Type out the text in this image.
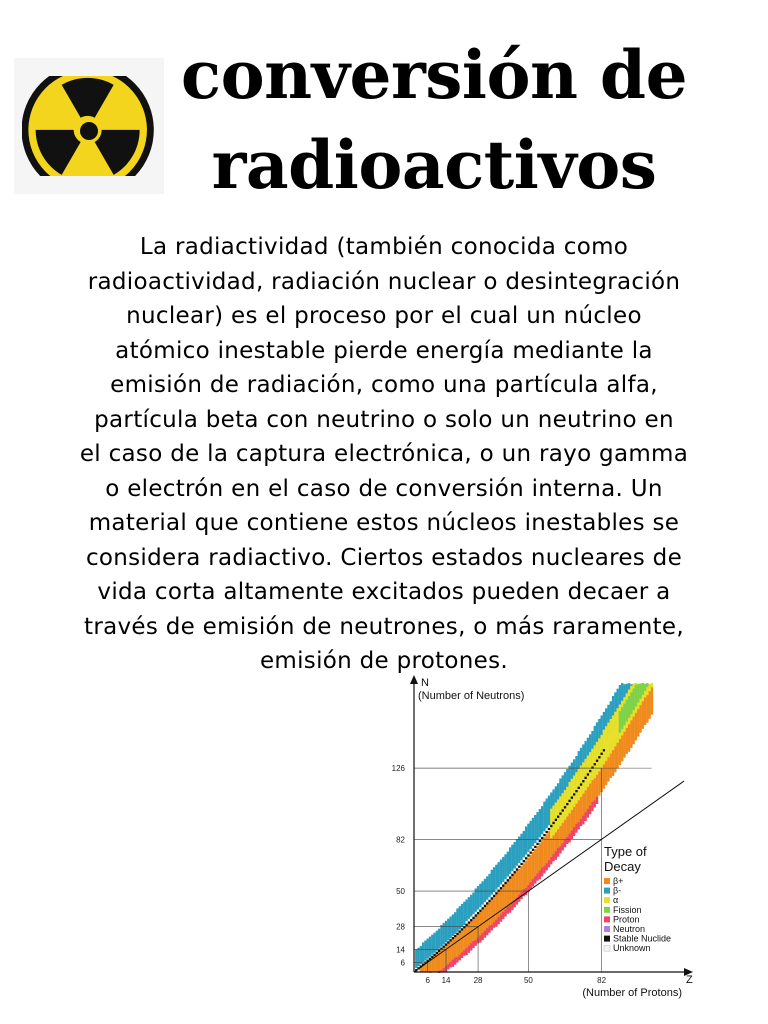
conversión de
radioactivos

La radiactividad (también conocida como
radioactividad, radiación nuclear o desintegración
nuclear) es el proceso por el cual un núcleo
atómico inestable pierde energía mediante la
emisión de radiación, como una partícula alfa,
partícula beta con neutrino o solo un neutrino en
el caso de la captura electrónica, o un rayo gamma
o electrón en el caso de conversión interna. Un
material que contiene estos núcleos inestables se
considera radiactivo. Ciertos estados nucleares de
vida corta altamente excitados pueden decaer a
través de emisión de neutrones, o más raramente,
emisión de protones.

6
14
28
50
82
126
6 14	28	50	82
N
(Number of Neutrons)
Z
(Number of Protons)
Type of
Decay
β+
β-
α
Fission
Proton
Neutron
Stable Nuclide
Unknown
